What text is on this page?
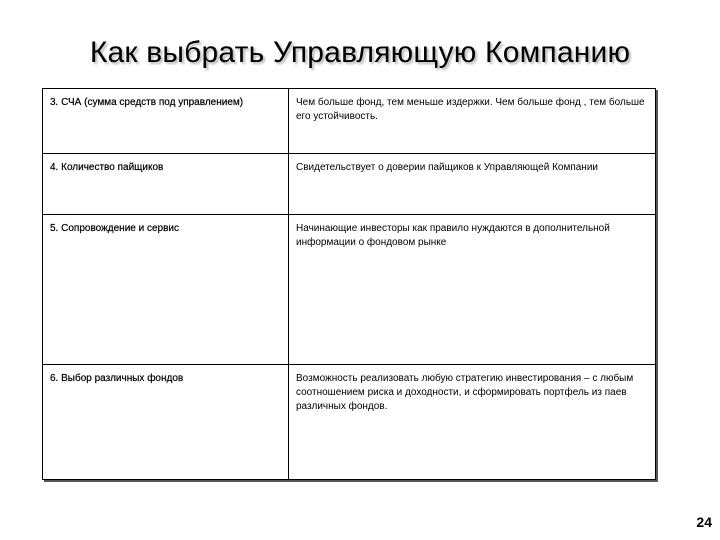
Как выбрать Управляющую Компанию
3. СЧА (сумма средств под управлением)	Чем больше фонд, тем меньше издержки. Чем больше фонд , тем больше его устойчивость.
4. Количество пайщиков	Свидетельствует о доверии пайщиков к Управляющей Компании
5. Сопровождение и сервис	Начинающие инвесторы как правило нуждаются в дополнительной информации о фондовом рынке
6. Выбор различных фондов	Возможность реализовать любую стратегию инвестирования – с любым соотношением риска и доходности, и сформировать портфель из паев различных фондов.
24
